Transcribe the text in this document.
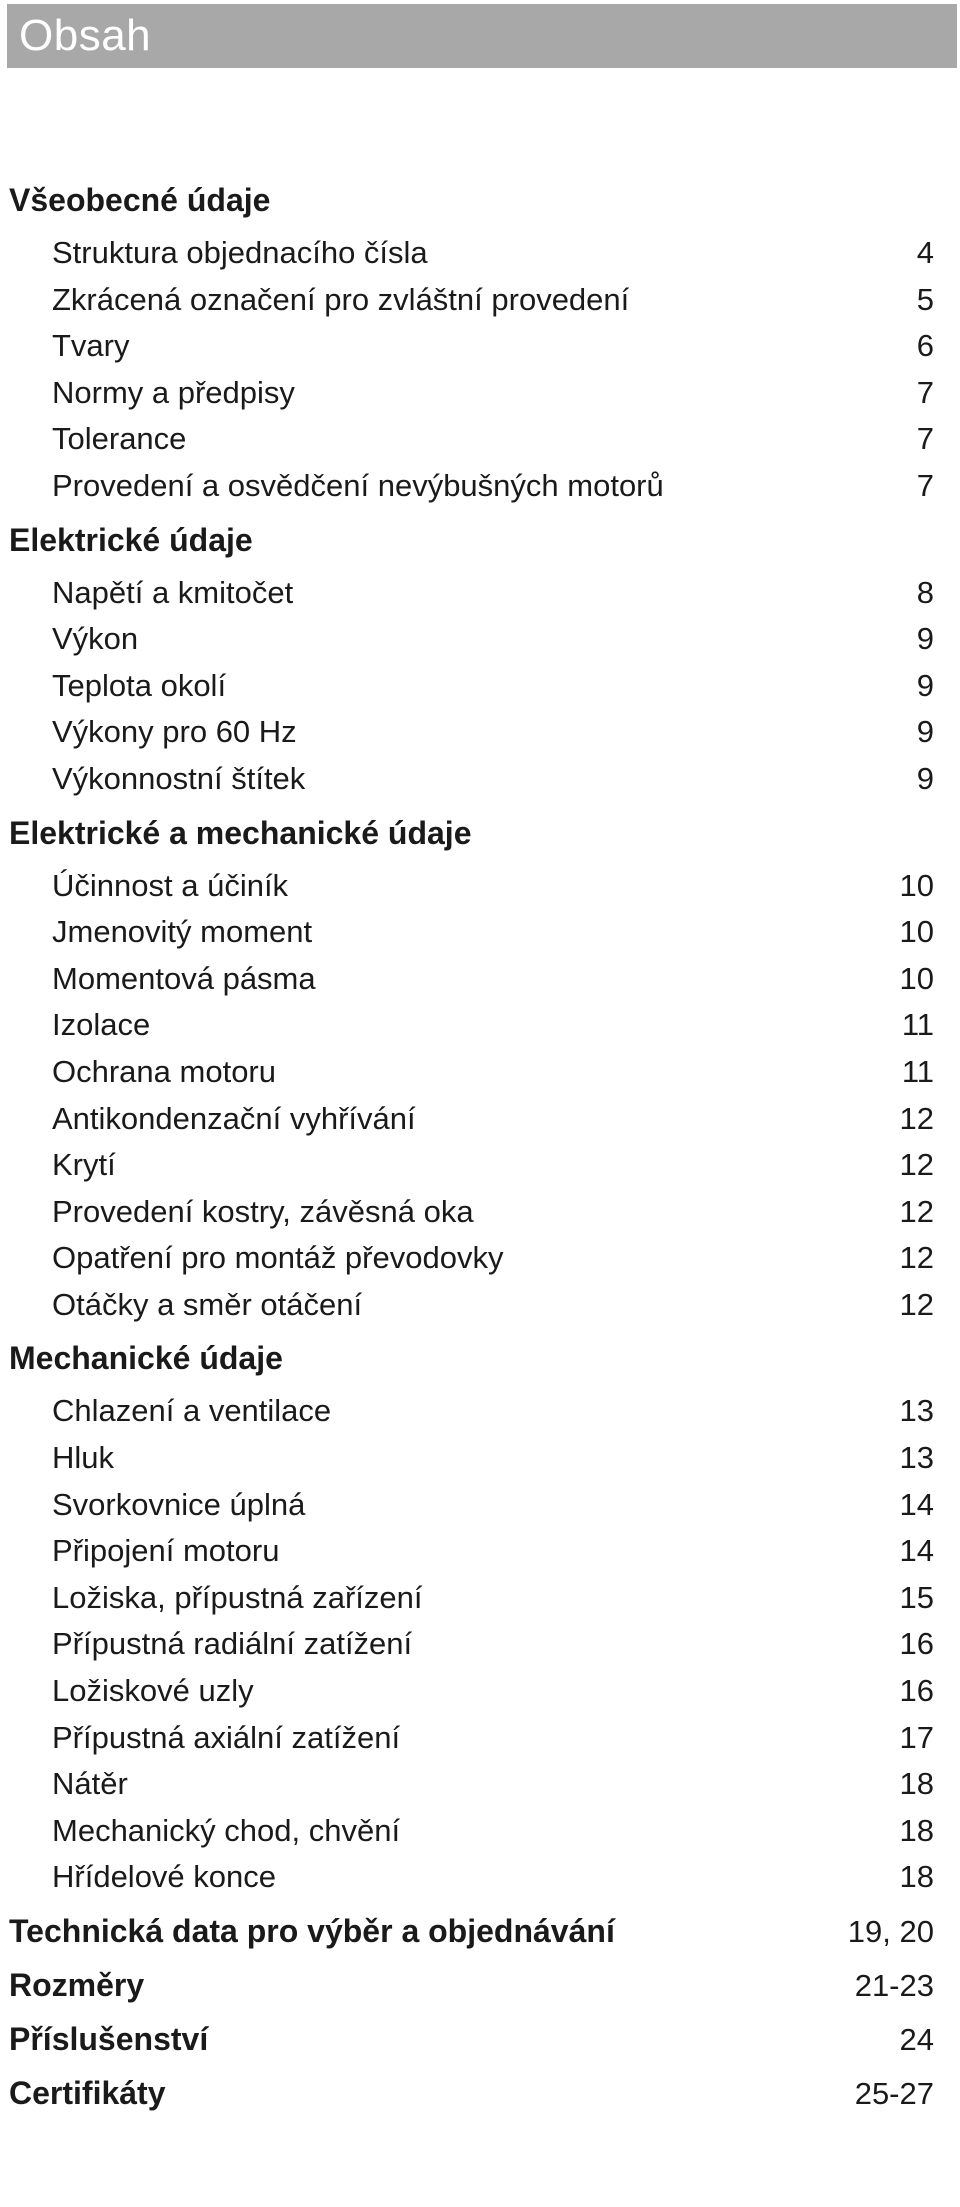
Obsah
Všeobecné údaje
Struktura objednacího čísla	4
Zkrácená označení pro zvláštní provedení	5
Tvary	6
Normy a předpisy	7
Tolerance	7
Provedení a osvědčení nevýbušných motorů	7
Elektrické údaje
Napětí a kmitočet	8
Výkon	9
Teplota okolí	9
Výkony pro 60 Hz	9
Výkonnostní štítek	9
Elektrické a mechanické údaje
Účinnost a účiník	10
Jmenovitý moment	10
Momentová pásma	10
Izolace	11
Ochrana motoru	11
Antikondenzační vyhřívání	12
Krytí	12
Provedení kostry, závěsná oka	12
Opatření pro montáž převodovky	12
Otáčky a směr otáčení	12
Mechanické údaje
Chlazení a ventilace	13
Hluk	13
Svorkovnice úplná	14
Připojení motoru	14
Ložiska, přípustná zařízení	15
Přípustná radiální zatížení	16
Ložiskové uzly	16
Přípustná axiální zatížení	17
Nátěr	18
Mechanický chod, chvění	18
Hřídelové konce	18
Technická data pro výběr a objednávání	19, 20
Rozměry	21-23
Příslušenství	24
Certifikáty	25-27
